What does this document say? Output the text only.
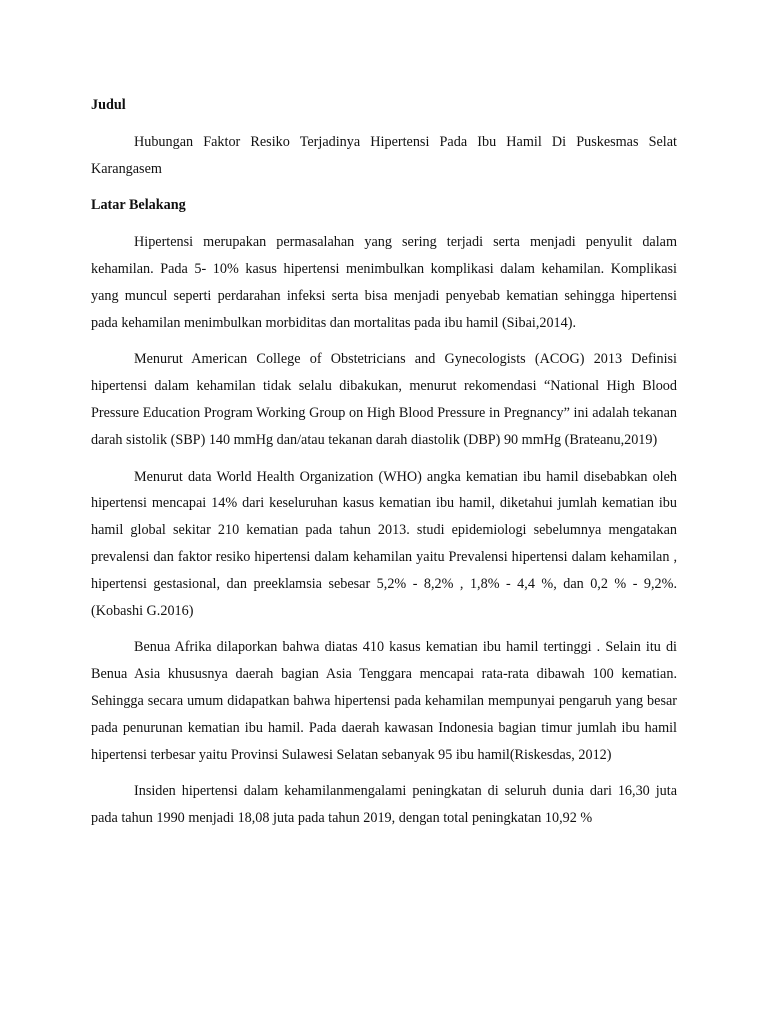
Judul

Hubungan Faktor Resiko Terjadinya Hipertensi Pada Ibu Hamil Di Puskesmas Selat Karangasem

Latar Belakang

Hipertensi merupakan permasalahan yang sering terjadi serta menjadi penyulit dalam kehamilan. Pada 5- 10% kasus hipertensi menimbulkan komplikasi dalam kehamilan. Komplikasi yang muncul seperti perdarahan infeksi serta bisa menjadi penyebab kematian sehingga hipertensi pada kehamilan menimbulkan morbiditas dan mortalitas pada ibu hamil (Sibai,2014).

Menurut American College of Obstetricians and Gynecologists (ACOG) 2013 Definisi hipertensi dalam kehamilan tidak selalu dibakukan, menurut rekomendasi “National High Blood Pressure Education Program Working Group on High Blood Pressure in Pregnancy” ini adalah tekanan darah sistolik (SBP) 140 mmHg dan/atau tekanan darah diastolik (DBP) 90 mmHg (Brateanu,2019)

Menurut data World Health Organization (WHO) angka kematian ibu hamil disebabkan oleh hipertensi mencapai 14% dari keseluruhan kasus kematian ibu hamil, diketahui jumlah kematian ibu hamil global sekitar 210 kematian pada tahun 2013. studi epidemiologi sebelumnya mengatakan prevalensi dan faktor resiko hipertensi dalam kehamilan yaitu Prevalensi hipertensi dalam kehamilan , hipertensi gestasional, dan preeklamsia sebesar 5,2% - 8,2% , 1,8% - 4,4 %, dan 0,2 % - 9,2%. (Kobashi G.2016)

Benua Afrika dilaporkan bahwa diatas 410 kasus kematian ibu hamil tertinggi . Selain itu di Benua Asia khususnya daerah bagian Asia Tenggara mencapai rata-rata dibawah 100 kematian. Sehingga secara umum didapatkan bahwa hipertensi pada kehamilan mempunyai pengaruh yang besar pada penurunan kematian ibu hamil. Pada daerah kawasan Indonesia bagian timur jumlah ibu hamil hipertensi terbesar yaitu Provinsi Sulawesi Selatan sebanyak 95 ibu hamil(Riskesdas, 2012)

Insiden hipertensi dalam kehamilanmengalami peningkatan di seluruh dunia dari 16,30 juta pada tahun 1990 menjadi 18,08 juta pada tahun 2019, dengan total peningkatan 10,92 %
